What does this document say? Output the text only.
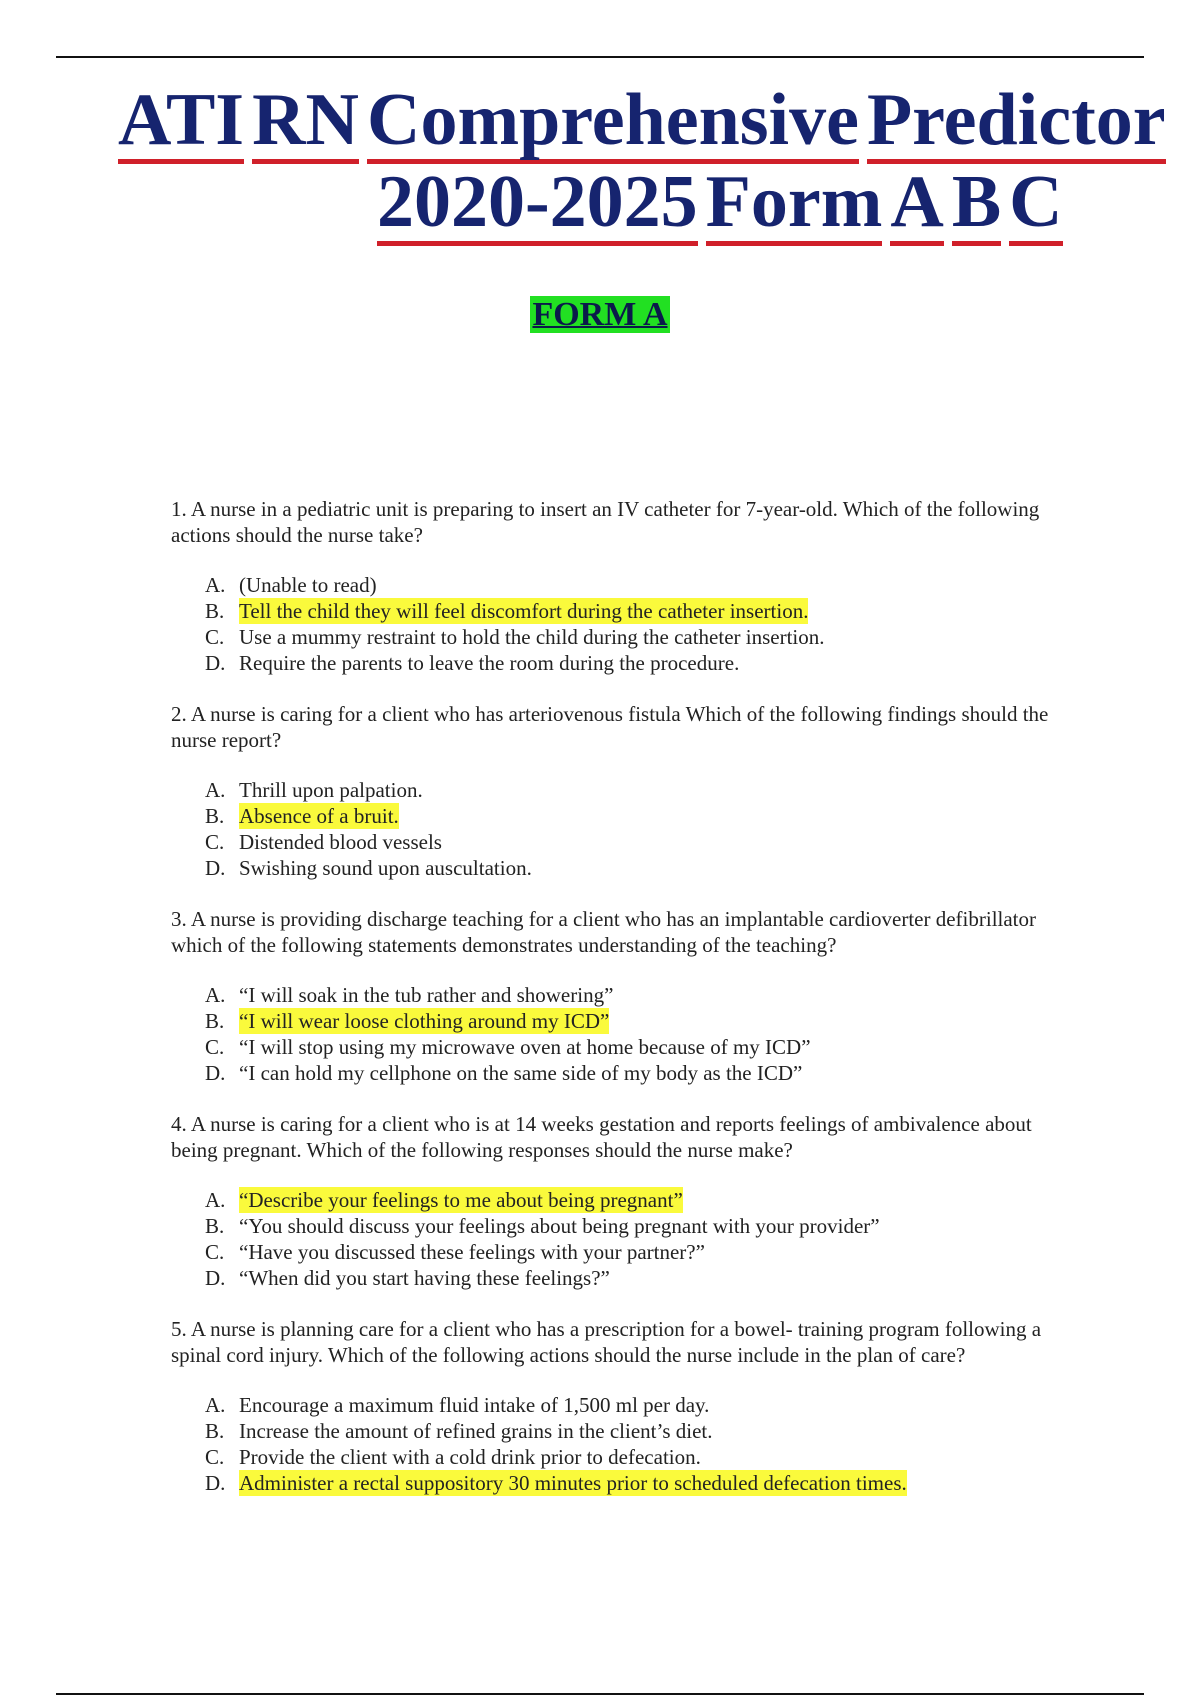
ATI RN Comprehensive Predictor
2020-2025 Form A B C
FORM A

1. A nurse in a pediatric unit is preparing to insert an IV catheter for 7-year-old. Which of the following actions should the nurse take?

A. (Unable to read)
B. Tell the child they will feel discomfort during the catheter insertion.
C. Use a mummy restraint to hold the child during the catheter insertion.
D. Require the parents to leave the room during the procedure.

2. A nurse is caring for a client who has arteriovenous fistula Which of the following findings should the nurse report?

A. Thrill upon palpation.
B. Absence of a bruit.
C. Distended blood vessels
D. Swishing sound upon auscultation.

3. A nurse is providing discharge teaching for a client who has an implantable cardioverter defibrillator which of the following statements demonstrates understanding of the teaching?

A. “I will soak in the tub rather and showering”
B. “I will wear loose clothing around my ICD”
C. “I will stop using my microwave oven at home because of my ICD”
D. “I can hold my cellphone on the same side of my body as the ICD”

4. A nurse is caring for a client who is at 14 weeks gestation and reports feelings of ambivalence about being pregnant. Which of the following responses should the nurse make?

A. “Describe your feelings to me about being pregnant”
B. “You should discuss your feelings about being pregnant with your provider”
C. “Have you discussed these feelings with your partner?”
D. “When did you start having these feelings?”

5. A nurse is planning care for a client who has a prescription for a bowel- training program following a spinal cord injury. Which of the following actions should the nurse include in the plan of care?

A. Encourage a maximum fluid intake of 1,500 ml per day.
B. Increase the amount of refined grains in the client’s diet.
C. Provide the client with a cold drink prior to defecation.
D. Administer a rectal suppository 30 minutes prior to scheduled defecation times.
